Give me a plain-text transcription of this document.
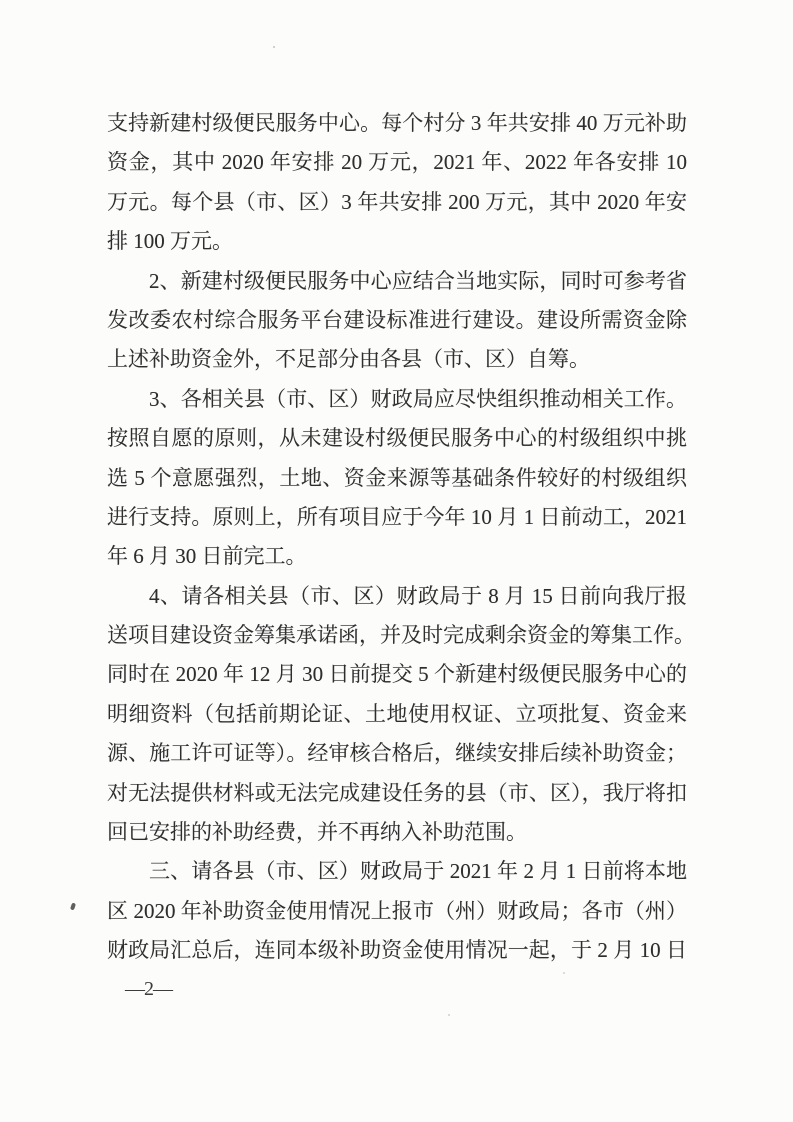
支持新建村级便民服务中心。每个村分 3 年共安排 40 万元补助
资金，其中 2020 年安排 20 万元，2021 年、2022 年各安排 10
万元。每个县（市、区）3 年共安排 200 万元，其中 2020 年安
排 100 万元。
2、新建村级便民服务中心应结合当地实际，同时可参考省
发改委农村综合服务平台建设标准进行建设。建设所需资金除
上述补助资金外，不足部分由各县（市、区）自筹。
3、各相关县（市、区）财政局应尽快组织推动相关工作。
按照自愿的原则，从未建设村级便民服务中心的村级组织中挑
选 5 个意愿强烈，土地、资金来源等基础条件较好的村级组织
进行支持。原则上，所有项目应于今年 10 月 1 日前动工，2021
年 6 月 30 日前完工。
4、请各相关县（市、区）财政局于 8 月 15 日前向我厅报
送项目建设资金筹集承诺函，并及时完成剩余资金的筹集工作。
同时在 2020 年 12 月 30 日前提交 5 个新建村级便民服务中心的
明细资料（包括前期论证、土地使用权证、立项批复、资金来
源、施工许可证等）。经审核合格后，继续安排后续补助资金；
对无法提供材料或无法完成建设任务的县（市、区），我厅将扣
回已安排的补助经费，并不再纳入补助范围。
三、请各县（市、区）财政局于 2021 年 2 月 1 日前将本地
区 2020 年补助资金使用情况上报市（州）财政局；各市（州）
财政局汇总后，连同本级补助资金使用情况一起，于 2 月 10 日
—2—
